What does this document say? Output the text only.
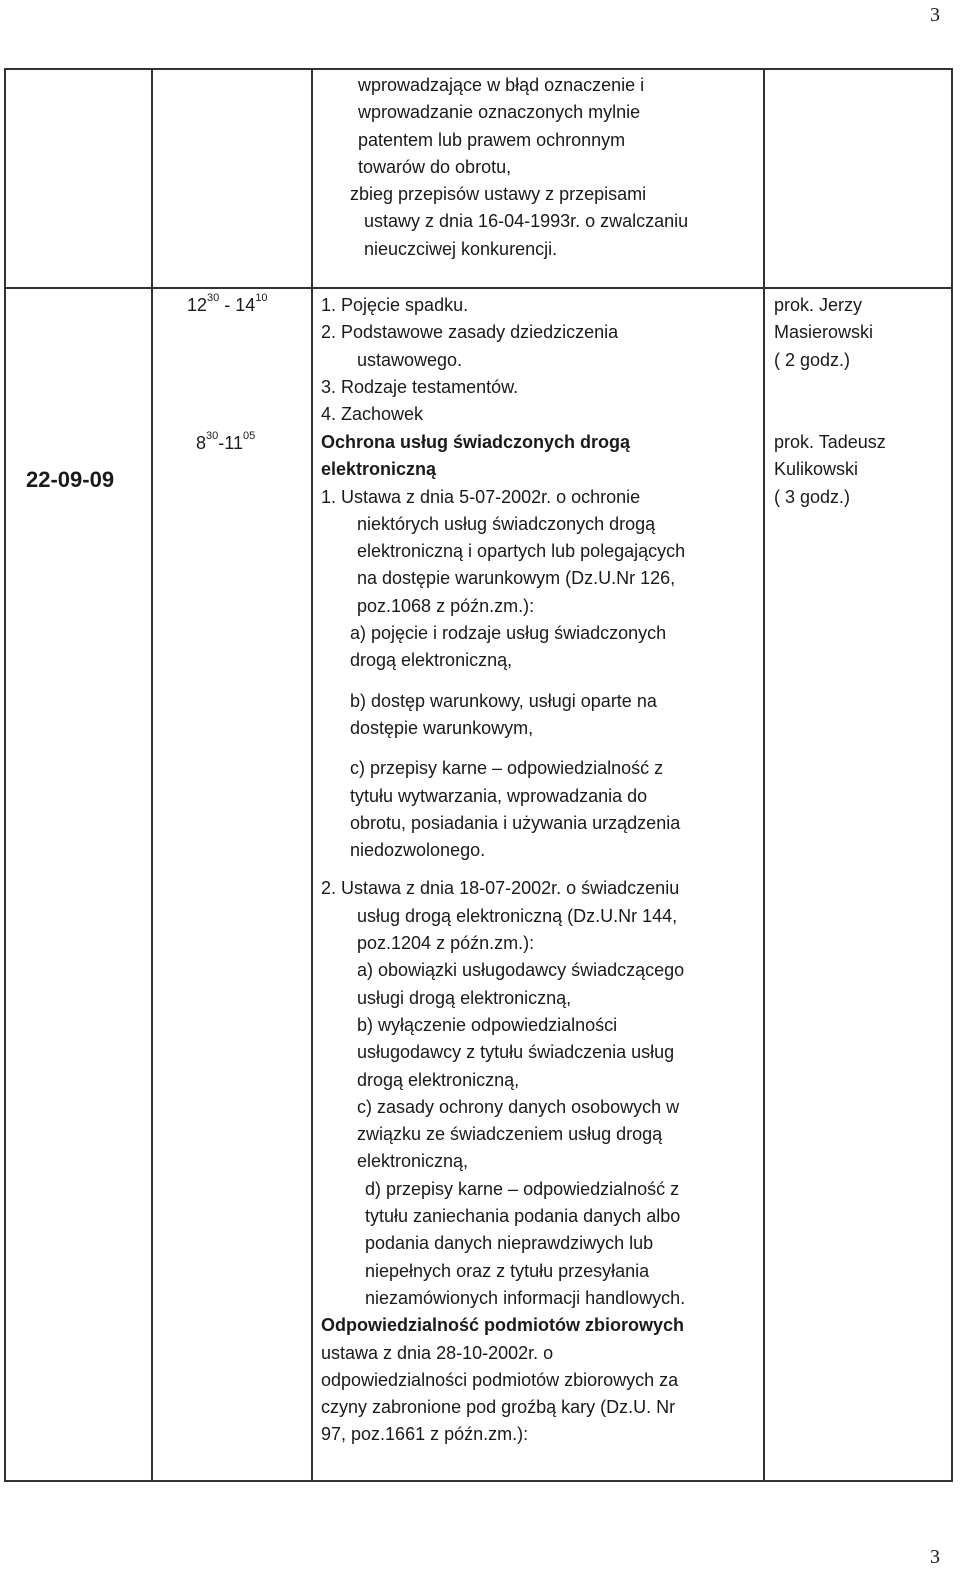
3
wprowadzające w błąd oznaczenie i
wprowadzanie oznaczonych mylnie
patentem lub prawem ochronnym
towarów do obrotu,
zbieg przepisów ustawy z przepisami
ustawy z dnia 16-04-1993r. o zwalczaniu
nieuczciwej konkurencji.
22-09-09
$12^{30} - 14^{10}$
$8^{30}-11^{05}$
1. Pojęcie spadku.
2. Podstawowe zasady dziedziczenia
ustawowego.
3. Rodzaje testamentów.
4. Zachowek
prok. Jerzy
Masierowski
( 2 godz.)
Ochrona usług świadczonych drogą
elektroniczną
1. Ustawa z dnia 5-07-2002r. o ochronie
niektórych usług świadczonych drogą
elektroniczną i opartych lub polegających
na dostępie warunkowym (Dz.U.Nr 126,
poz.1068 z późn.zm.):
a) pojęcie i rodzaje usług świadczonych
drogą elektroniczną,
b) dostęp warunkowy, usługi oparte na
dostępie warunkowym,
c) przepisy karne – odpowiedzialność z
tytułu wytwarzania, wprowadzania do
obrotu, posiadania i używania urządzenia
niedozwolonego.
2. Ustawa z dnia 18-07-2002r. o świadczeniu
usług drogą elektroniczną (Dz.U.Nr 144,
poz.1204 z późn.zm.):
a) obowiązki usługodawcy świadczącego
usługi drogą elektroniczną,
b) wyłączenie odpowiedzialności
usługodawcy z tytułu świadczenia usług
drogą elektroniczną,
c) zasady ochrony danych osobowych w
związku ze świadczeniem usług drogą
elektroniczną,
d) przepisy karne – odpowiedzialność z
tytułu zaniechania podania danych albo
podania danych nieprawdziwych lub
niepełnych oraz z tytułu przesyłania
niezamówionych informacji handlowych.
Odpowiedzialność podmiotów zbiorowych
ustawa z dnia 28-10-2002r. o
odpowiedzialności podmiotów zbiorowych za
czyny zabronione pod groźbą kary (Dz.U. Nr
97, poz.1661 z późn.zm.):
prok. Tadeusz
Kulikowski
( 3 godz.)
3
